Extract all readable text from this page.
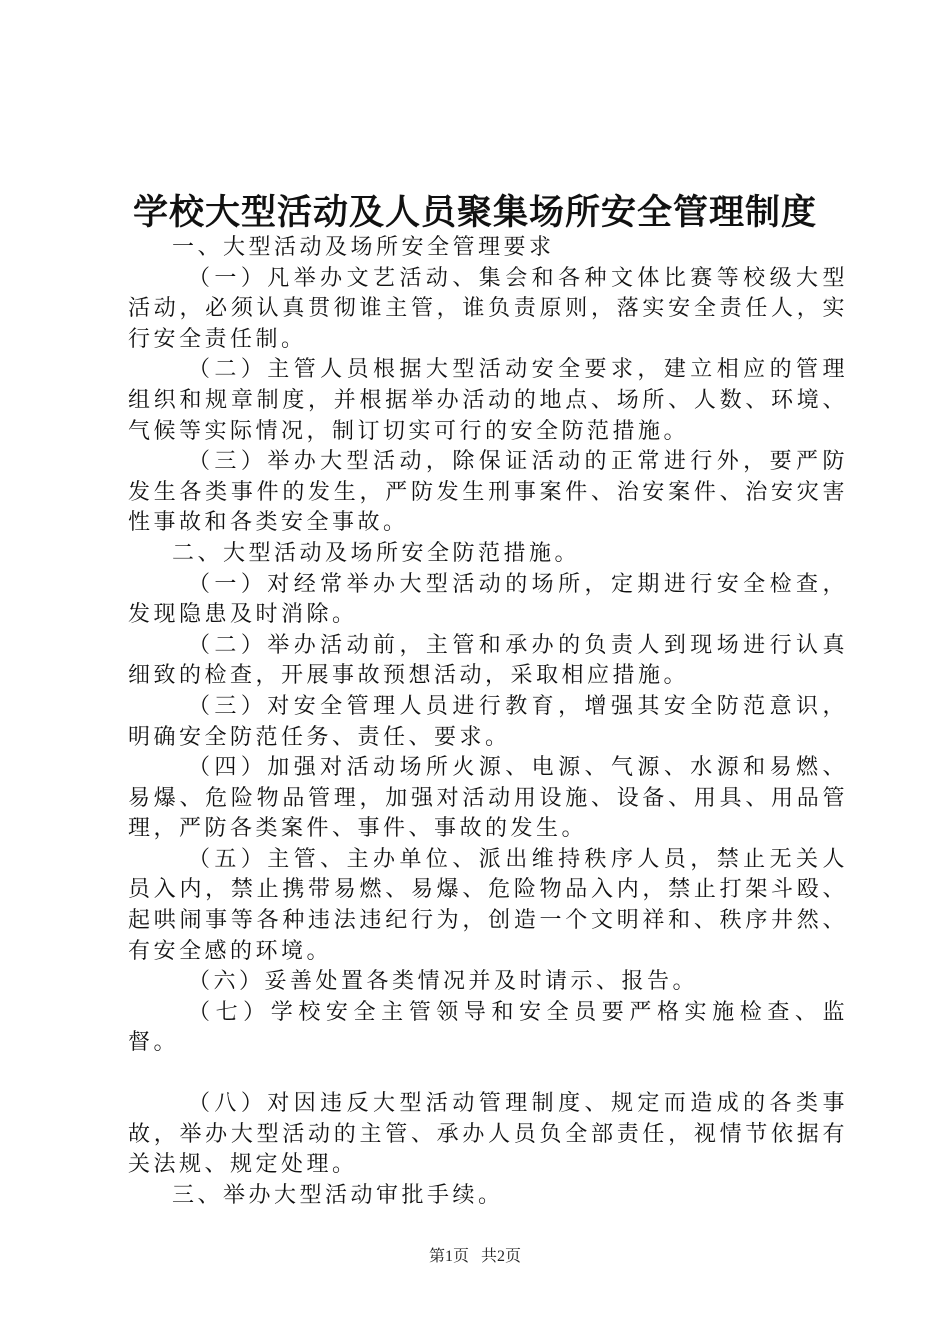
学校大型活动及人员聚集场所安全管理制度

一、大型活动及场所安全管理要求

（一）凡举办文艺活动、集会和各种文体比赛等校级大型活动，必须认真贯彻谁主管，谁负责原则，落实安全责任人，实行安全责任制。

（二）主管人员根据大型活动安全要求，建立相应的管理组织和规章制度，并根据举办活动的地点、场所、人数、环境、气候等实际情况，制订切实可行的安全防范措施。

（三）举办大型活动，除保证活动的正常进行外，要严防发生各类事件的发生，严防发生刑事案件、治安案件、治安灾害性事故和各类安全事故。

二、大型活动及场所安全防范措施。

（一）对经常举办大型活动的场所，定期进行安全检查，发现隐患及时消除。

（二）举办活动前，主管和承办的负责人到现场进行认真细致的检查，开展事故预想活动，采取相应措施。

（三）对安全管理人员进行教育，增强其安全防范意识，明确安全防范任务、责任、要求。

（四）加强对活动场所火源、电源、气源、水源和易燃、易爆、危险物品管理，加强对活动用设施、设备、用具、用品管理，严防各类案件、事件、事故的发生。

（五）主管、主办单位、派出维持秩序人员，禁止无关人员入内，禁止携带易燃、易爆、危险物品入内，禁止打架斗殴、起哄闹事等各种违法违纪行为，创造一个文明祥和、秩序井然、有安全感的环境。

（六）妥善处置各类情况并及时请示、报告。

（七）学校安全主管领导和安全员要严格实施检查、监督。

（八）对因违反大型活动管理制度、规定而造成的各类事故，举办大型活动的主管、承办人员负全部责任，视情节依据有关法规、规定处理。

三、举办大型活动审批手续。

第1页 共2页
